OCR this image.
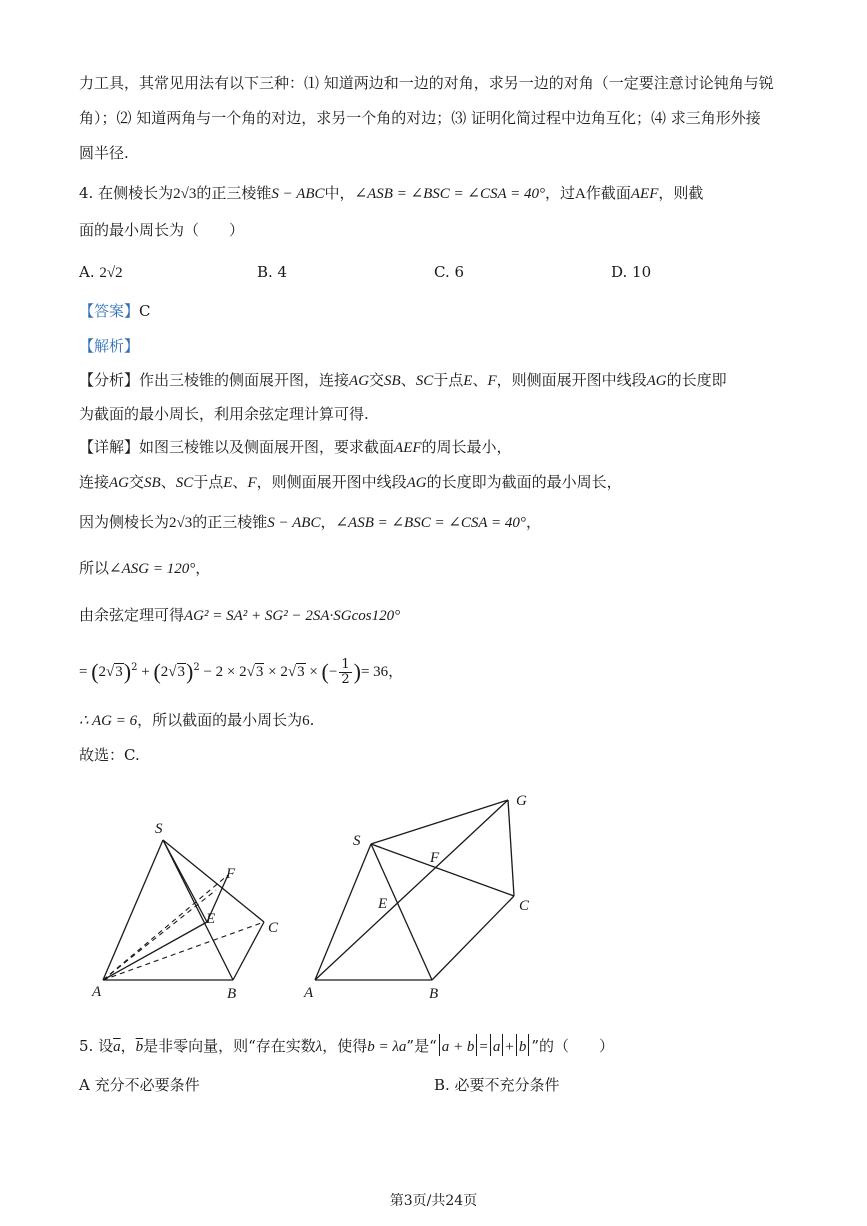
力工具，其常见用法有以下三种：⑴ 知道两边和一边的对角，求另一边的对角（一定要注意讨论钝角与锐
角）；⑵ 知道两角与一个角的对边，求另一个角的对边；⑶ 证明化简过程中边角互化；⑷ 求三角形外接
圆半径.
4. 在侧棱长为2√3的正三棱锥S − ABC中，∠ASB = ∠BSC = ∠CSA = 40°，过A作截面AEF，则截
面的最小周长为（　　）
A. 2√2	B. 4	C. 6	D. 10
【答案】C
【解析】
【分析】作出三棱锥的侧面展开图，连接AG交SB、SC于点E、F，则侧面展开图中线段AG的长度即
为截面的最小周长，利用余弦定理计算可得.
【详解】如图三棱锥以及侧面展开图，要求截面AEF的周长最小，
连接AG交SB、SC于点E、F，则侧面展开图中线段AG的长度即为截面的最小周长，
因为侧棱长为2√3的正三棱锥S − ABC，∠ASB = ∠BSC = ∠CSA = 40°，
所以∠ASG = 120°，
由余弦定理可得AG² = SA² + SG² − 2SA·SGcos120°
= $(2√3)^2 + (2√3)^2 - 2 \times 2√3 \times 2√3$ × (− $\frac{1}{2}$ )= 36，
∴ AG = 6，所以截面的最小周长为6.
故选：C.
S
F
E
C
A	B
S
G
F
E	C
A	B
5. 设$\overline{a}$，$\overline{b}$是非零向量，则“存在实数λ，使得b = λa”是“ a + b = a + b ”的（　　）
A 充分不必要条件	B. 必要不充分条件
第3页/共24页
